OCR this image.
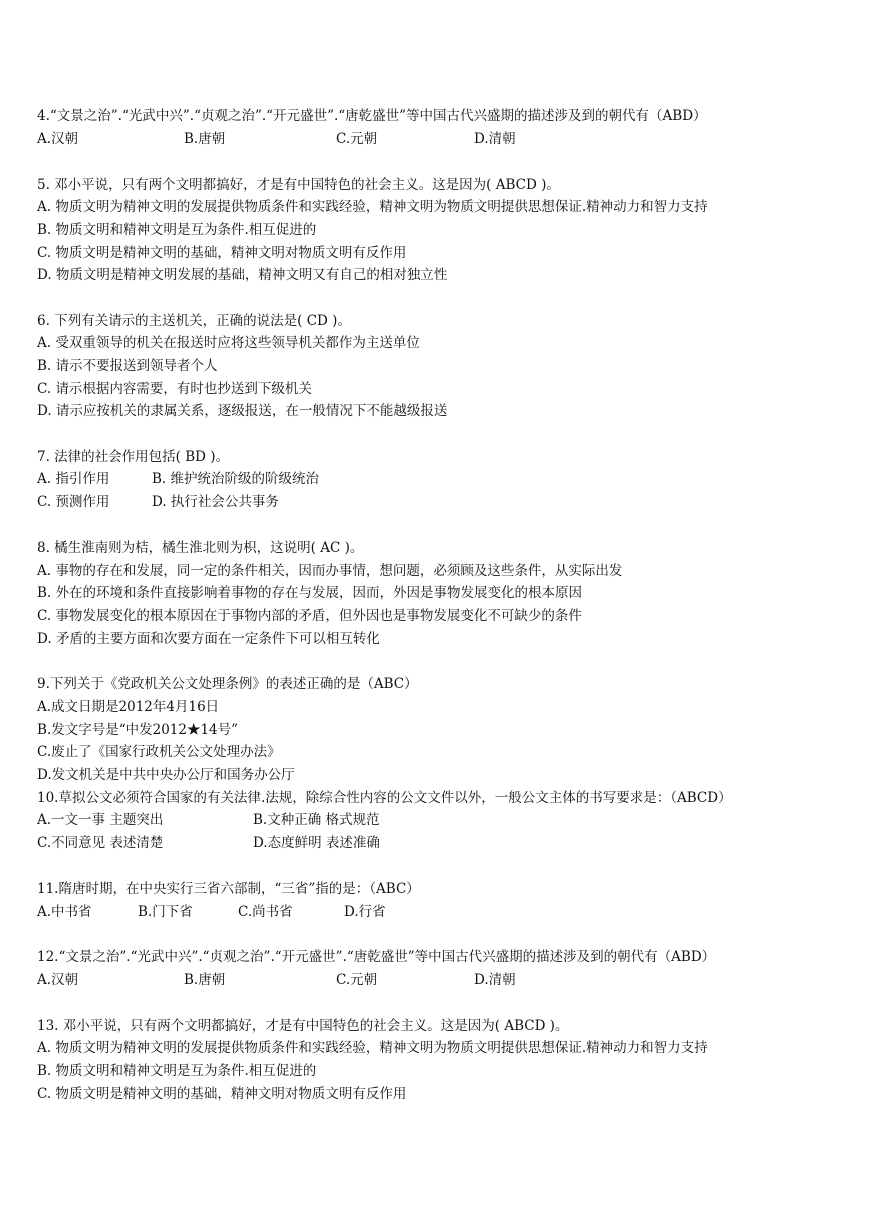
4.“文景之治”.“光武中兴”.“贞观之治”.“开元盛世”.“唐乾盛世”等中国古代兴盛期的描述涉及到的朝代有（ABD）
A.汉朝	B.唐朝	C.元朝	D.清朝
5. 邓小平说，只有两个文明都搞好，才是有中国特色的社会主义。这是因为( ABCD )。
A. 物质文明为精神文明的发展提供物质条件和实践经验，精神文明为物质文明提供思想保证.精神动力和智力支持
B. 物质文明和精神文明是互为条件.相互促进的
C. 物质文明是精神文明的基础，精神文明对物质文明有反作用
D. 物质文明是精神文明发展的基础，精神文明又有自己的相对独立性
6. 下列有关请示的主送机关，正确的说法是( CD )。
A. 受双重领导的机关在报送时应将这些领导机关都作为主送单位
B. 请示不要报送到领导者个人
C. 请示根据内容需要，有时也抄送到下级机关
D. 请示应按机关的隶属关系，逐级报送，在一般情况下不能越级报送
7. 法律的社会作用包括( BD )。
A. 指引作用	B. 维护统治阶级的阶级统治
C. 预测作用	D. 执行社会公共事务
8. 橘生淮南则为桔，橘生淮北则为枳，这说明( AC )。
A. 事物的存在和发展，同一定的条件相关，因而办事情，想问题，必须顾及这些条件，从实际出发
B. 外在的环境和条件直接影响着事物的存在与发展，因而，外因是事物发展变化的根本原因
C. 事物发展变化的根本原因在于事物内部的矛盾，但外因也是事物发展变化不可缺少的条件
D. 矛盾的主要方面和次要方面在一定条件下可以相互转化
9.下列关于《党政机关公文处理条例》的表述正确的是（ABC）
A.成文日期是2012年4月16日
B.发文字号是“中发2012★14号”
C.废止了《国家行政机关公文处理办法》
D.发文机关是中共中央办公厅和国务办公厅
10.草拟公文必须符合国家的有关法律.法规，除综合性内容的公文文件以外，一般公文主体的书写要求是：（ABCD）
A.一文一事 主题突出	B.文种正确 格式规范
C.不同意见 表述清楚	D.态度鲜明 表述准确
11.隋唐时期，在中央实行三省六部制，“三省”指的是：（ABC）
A.中书省	B.门下省	C.尚书省	D.行省
12.“文景之治”.“光武中兴”.“贞观之治”.“开元盛世”.“唐乾盛世”等中国古代兴盛期的描述涉及到的朝代有（ABD）
A.汉朝	B.唐朝	C.元朝	D.清朝
13. 邓小平说，只有两个文明都搞好，才是有中国特色的社会主义。这是因为( ABCD )。
A. 物质文明为精神文明的发展提供物质条件和实践经验，精神文明为物质文明提供思想保证.精神动力和智力支持
B. 物质文明和精神文明是互为条件.相互促进的
C. 物质文明是精神文明的基础，精神文明对物质文明有反作用
